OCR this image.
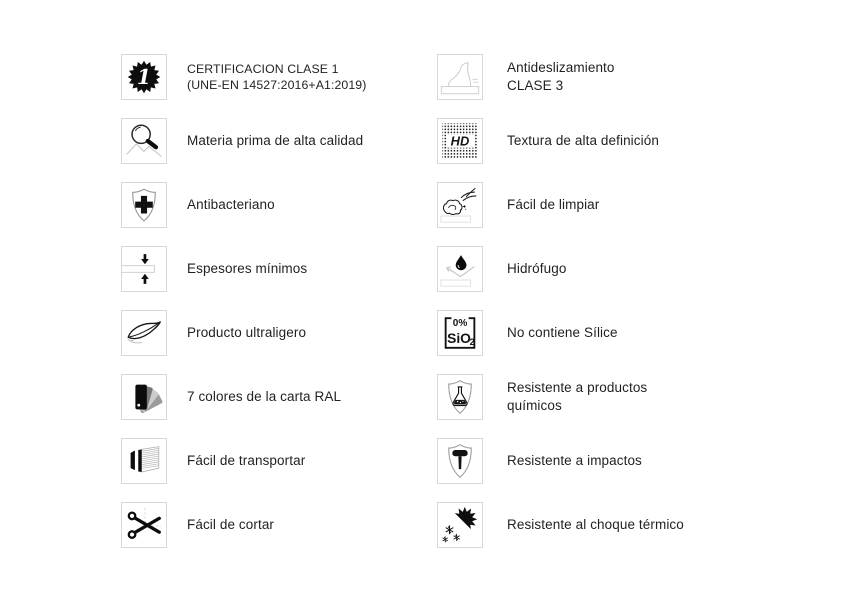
1	CERTIFICACION CLASE 1
(UNE-EN 14527:2016+A1:2019)
Materia prima de alta calidad
Antibacteriano
Espesores mínimos
Producto ultraligero
7 colores de la carta RAL
Fácil de transportar
Fácil de cortar
Antideslizamiento
CLASE 3
HD	Textura de alta definición
Fácil de limpiar
Hidrófugo
0%
SiO
2
No contiene Sílice
Resistente a productos
químicos
Resistente a impactos
Resistente al choque térmico
